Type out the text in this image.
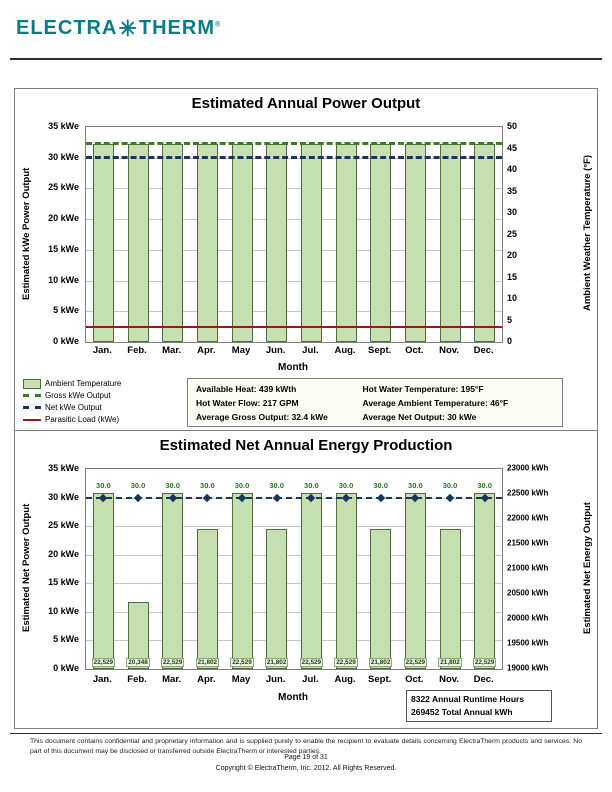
ELECTRA✳THERM®
Estimated Annual Power Output
Estimated kWe Power Output
35 kWe
30 kWe
25 kWe
20 kWe
15 kWe
10 kWe
5 kWe
0 kWe
50
45
40
35
30
25
20
15
10
5
0
Ambient Weather Temperature (°F)
Jan.	Feb.	Mar.	Apr.	May	Jun.	Jul.	Aug.	Sept.	Oct.	Nov.	Dec.
Month
Ambient Temperature
Gross kWe Output
Net kWe Output
Parasitic Load (kWe)
Available Heat: 439 kWth	Hot Water Temperature: 195°F
Hot Water Flow: 217 GPM	Average Ambient Temperature: 46°F
Average Gross Output: 32.4 kWe	Average Net Output: 30 kWe
Estimated Net Annual Energy Production
Estimated Net Power Output
35 kWe
30 kWe
25 kWe
20 kWe
15 kWe
10 kWe
5 kWe
0 kWe
30.0	30.0	30.0	30.0	30.0	30.0	30.0	30.0	30.0	30.0	30.0	30.0
22,529	20,348	22,529	21,802	22,529	21,802	22,529	22,529	21,802	22,529	21,802	22,529
23000 kWh
22500 kWh
22000 kWh
21500 kWh
21000 kWh
20500 kWh
20000 kWh
19500 kWh
19000 kWh
Estimated Net Energy Output
Jan.	Feb.	Mar.	Apr.	May	Jun.	Jul.	Aug.	Sept.	Oct.	Nov.	Dec.
Month	8322 Annual Runtime Hours
269452 Total Annual kWh
This document contains confidential and proprietary information and is supplied purely to enable the recipient to evaluate details concerning ElectraTherm products and services. No part of this document may be disclosed or transferred outside ElectraTherm or interested parties.
Page 19 of 31
Copyright © ElectraTherm, Inc. 2012. All Rights Reserved.
